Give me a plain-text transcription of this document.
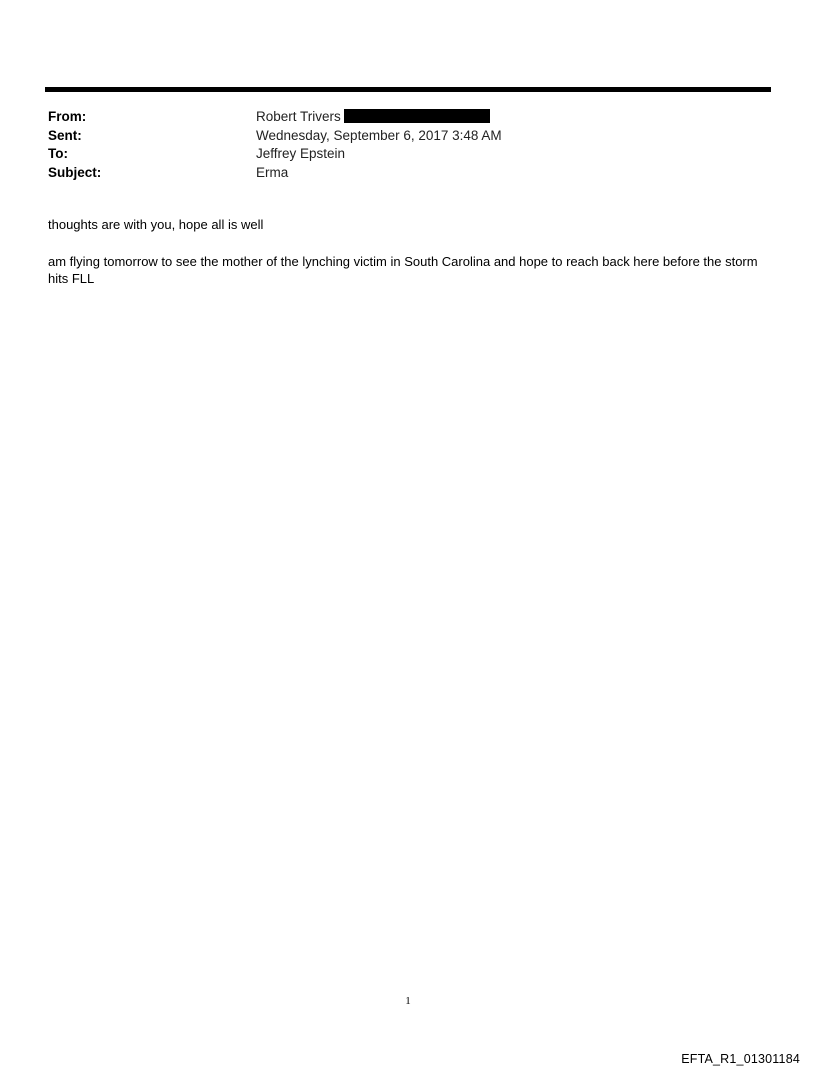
From:	Robert Trivers
Sent:	Wednesday, September 6, 2017 3:48 AM
To:	Jeffrey Epstein
Subject:	Erma
thoughts are with you, hope all is well
am flying tomorrow to see the mother of the lynching victim in South Carolina and hope to reach back here before the storm hits FLL
1
EFTA_R1_01301184
